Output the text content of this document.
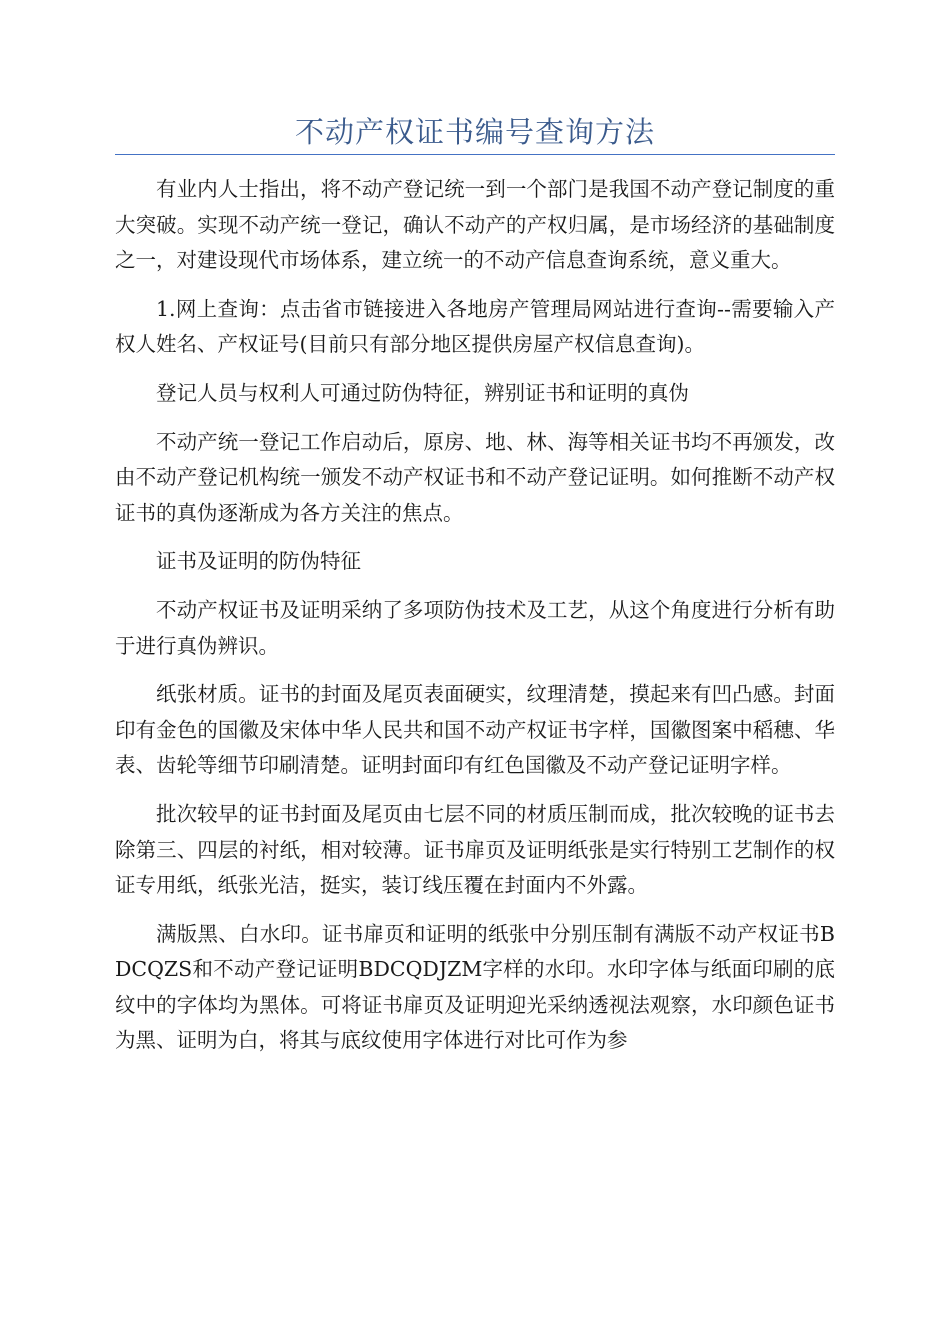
不动产权证书编号查询方法

有业内人士指出，将不动产登记统一到一个部门是我国不动产登记制度的重大突破。实现不动产统一登记，确认不动产的产权归属，是市场经济的基础制度之一，对建设现代市场体系，建立统一的不动产信息查询系统，意义重大。

1.网上查询：点击省市链接进入各地房产管理局网站进行查询--需要输入产权人姓名、产权证号(目前只有部分地区提供房屋产权信息查询)。

登记人员与权利人可通过防伪特征，辨别证书和证明的真伪

不动产统一登记工作启动后，原房、地、林、海等相关证书均不再颁发，改由不动产登记机构统一颁发不动产权证书和不动产登记证明。如何推断不动产权证书的真伪逐渐成为各方关注的焦点。

证书及证明的防伪特征

不动产权证书及证明采纳了多项防伪技术及工艺，从这个角度进行分析有助于进行真伪辨识。

纸张材质。证书的封面及尾页表面硬实，纹理清楚，摸起来有凹凸感。封面印有金色的国徽及宋体中华人民共和国不动产权证书字样，国徽图案中稻穗、华表、齿轮等细节印刷清楚。证明封面印有红色国徽及不动产登记证明字样。

批次较早的证书封面及尾页由七层不同的材质压制而成，批次较晚的证书去除第三、四层的衬纸，相对较薄。证书扉页及证明纸张是实行特别工艺制作的权证专用纸，纸张光洁，挺实，装订线压覆在封面内不外露。

满版黑、白水印。证书扉页和证明的纸张中分别压制有满版不动产权证书BDCQZS和不动产登记证明BDCQDJZM字样的水印。水印字体与纸面印刷的底纹中的字体均为黑体。可将证书扉页及证明迎光采纳透视法观察，水印颜色证书为黑、证明为白，将其与底纹使用字体进行对比可作为参
